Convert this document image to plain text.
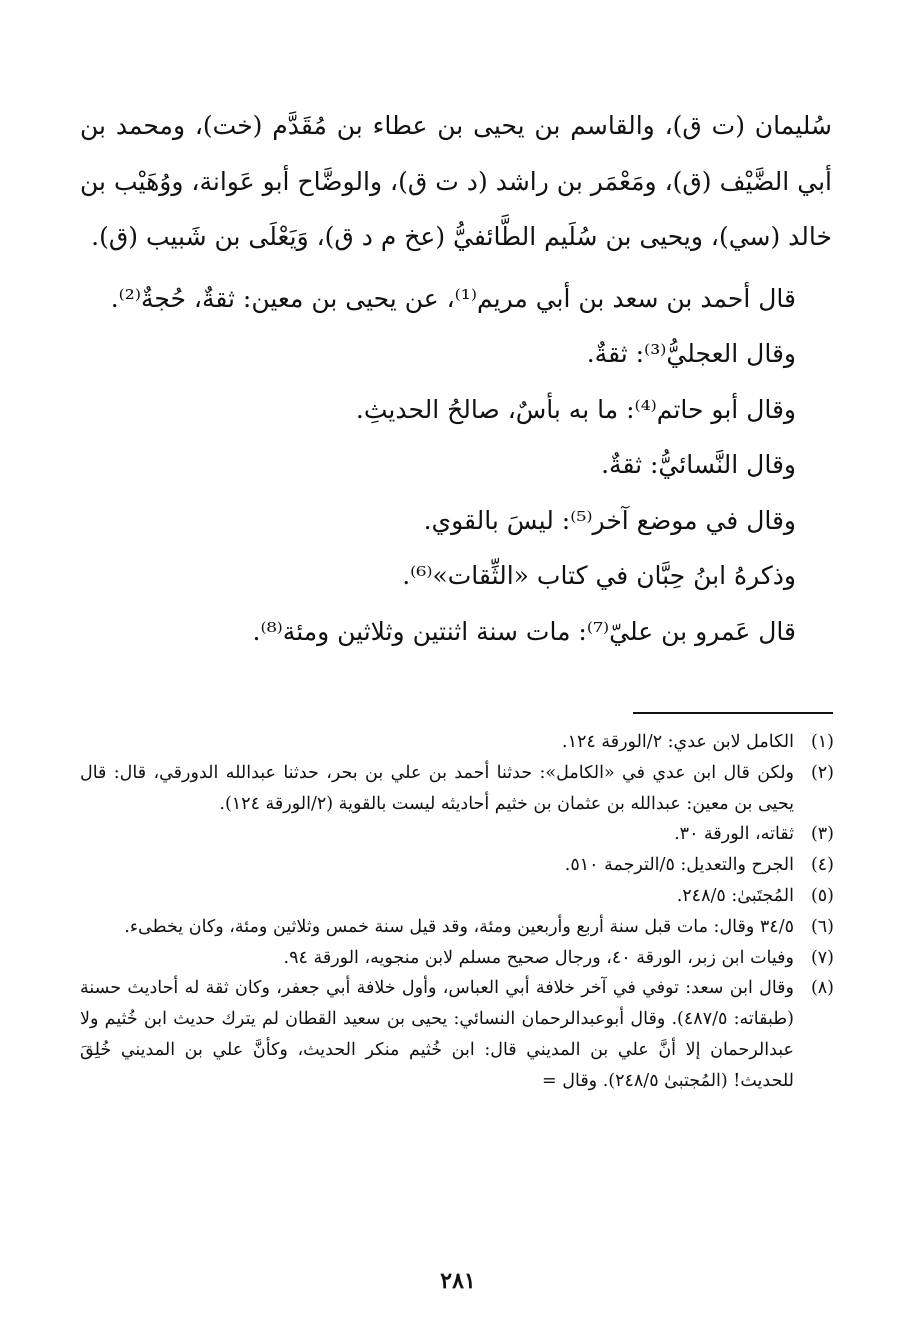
سُليمان (ت ق)، والقاسم بن يحيى بن عطاء بن مُقَدَّم (خت)، ومحمد بن أبي الضَّيْف (ق)، ومَعْمَر بن راشد (د ت ق)، والوضَّاح أبو عَوانة، ووُهَيْب بن خالد (سي)، ويحيى بن سُلَيم الطَّائفيُّ (عخ م د ق)، وَيَعْلَى بن شَبيب (ق).

قال أحمد بن سعد بن أبي مريم⁽¹⁾، عن يحيى بن معين: ثقةٌ، حُجةٌ⁽²⁾.

وقال العجليُّ⁽³⁾: ثقةٌ.

وقال أبو حاتم⁽⁴⁾: ما به بأسٌ، صالحُ الحديثِ.

وقال النَّسائيُّ: ثقةٌ.

وقال في موضع آخر⁽⁵⁾: ليسَ بالقوي.

وذكرهُ ابنُ حِبَّان في كتاب «الثِّقات»⁽⁶⁾.

قال عَمرو بن عليّ⁽⁷⁾: مات سنة اثنتين وثلاثين ومئة⁽⁸⁾.

(١)
الكامل لابن عدي: ٢/الورقة ١٢٤.
(٢)
ولكن قال ابن عدي في «الكامل»: حدثنا أحمد بن علي بن بحر، حدثنا عبدالله الدورقي، قال: قال يحيى بن معين: عبدالله بن عثمان بن خثيم أحاديثه ليست بالقوية (٢/الورقة ١٢٤).
(٣)
ثقاته، الورقة ٣٠.
(٤)
الجرح والتعديل: ٥/الترجمة ٥١٠.
(٥)
المُجتَبىٰ: ٢٤٨/٥.
(٦)
٣٤/٥ وقال: مات قبل سنة أربع وأربعين ومئة، وقد قيل سنة خمس وثلاثين ومئة، وكان يخطىء.
(٧)
وفيات ابن زبر، الورقة ٤٠، ورجال صحيح مسلم لابن منجويه، الورقة ٩٤.
(٨)
وقال ابن سعد: توفي في آخر خلافة أبي العباس، وأول خلافة أبي جعفر، وكان ثقة له أحاديث حسنة (طبقاته: ٤٨٧/٥). وقال أبوعبدالرحمان النسائي: يحيى بن سعيد القطان لم يترك حديث ابن خُثيم ولا عبدالرحمان إلا أنَّ علي بن المديني قال: ابن خُثيم منكر الحديث، وكأنَّ علي بن المديني خُلِقَ للحديث! (المُجتبىٰ ٢٤٨/٥). وقال =
٢٨١
